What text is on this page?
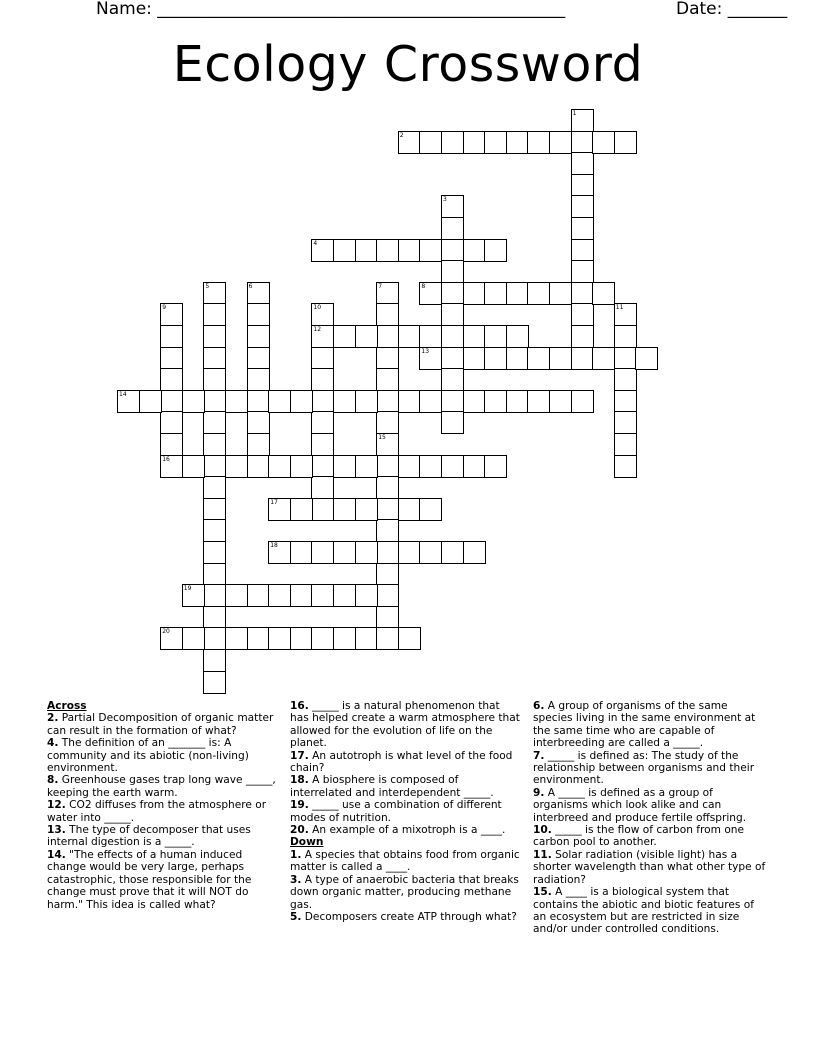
Name: ________________________________________________	Date: _______
Ecology Crossword
1
2
3
4
5	6	7
15
8
9	10
12
11
13
14
16
17
18
19
20
Across

2. Partial Decomposition of organic matter can result in the formation of what?

4. The definition of an _______ is: A community and its abiotic (non-living) environment.

8. Greenhouse gases trap long wave _____, keeping the earth warm.

12. CO2 diffuses from the atmosphere or water into _____.

13. The type of decomposer that uses internal digestion is a _____.

14. "The effects of a human induced change would be very large, perhaps catastrophic, those responsible for the change must prove that it will NOT do harm." This idea is called what?

16. _____ is a natural phenomenon that has helped create a warm atmosphere that allowed for the evolution of life on the planet.

17. An autotroph is what level of the food chain?

18. A biosphere is composed of interrelated and interdependent _____.

19. _____ use a combination of different modes of nutrition.

20. An example of a mixotroph is a ____.

Down

1. A species that obtains food from organic matter is called a ____.

3. A type of anaerobic bacteria that breaks down organic matter, producing methane gas.

5. Decomposers create ATP through what?

6. A group of organisms of the same species living in the same environment at the same time who are capable of interbreeding are called a _____.

7. _____ is defined as: The study of the relationship between organisms and their environment.

9. A _____ is defined as a group of organisms which look alike and can interbreed and produce fertile offspring.

10. _____ is the flow of carbon from one carbon pool to another.

11. Solar radiation (visible light) has a shorter wavelength than what other type of radiation?

15. A ____ is a biological system that contains the abiotic and biotic features of an ecosystem but are restricted in size and/or under controlled conditions.
